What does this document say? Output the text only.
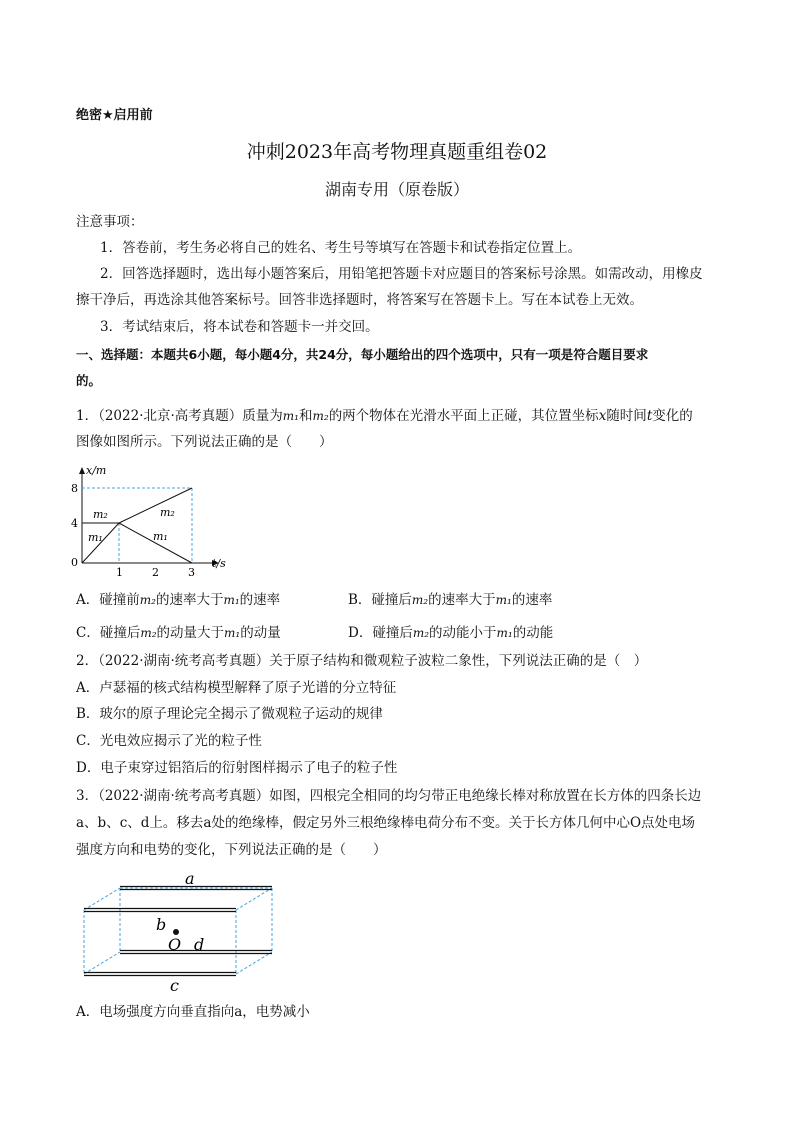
绝密★启用前
冲刺2023年高考物理真题重组卷02
湖南专用（原卷版）
注意事项：
1．答卷前，考生务必将自己的姓名、考生号等填写在答题卡和试卷指定位置上。
2．回答选择题时，选出每小题答案后，用铅笔把答题卡对应题目的答案标号涂黑。如需改动，用橡皮
擦干净后，再选涂其他答案标号。回答非选择题时，将答案写在答题卡上。写在本试卷上无效。
3．考试结束后，将本试卷和答题卡一并交回。
一、选择题：本题共6小题，每小题4分，共24分，每小题给出的四个选项中，只有一项是符合题目要求
的。
1．（2022·北京·高考真题）质量为m₁和m₂的两个物体在光滑水平面上正碰，其位置坐标x随时间t变化的
图像如图所示。下列说法正确的是（　　）
x/m
t/s
8
4
0
1	2	3
m₂
m₁
m₂
m₁
A．碰撞前m₂的速率大于m₁的速率	B．碰撞后m₂的速率大于m₁的速率
C．碰撞后m₂的动量大于m₁的动量	D．碰撞后m₂的动能小于m₁的动能
2．（2022·湖南·统考高考真题）关于原子结构和微观粒子波粒二象性，下列说法正确的是（　）
A．卢瑟福的核式结构模型解释了原子光谱的分立特征
B．玻尔的原子理论完全揭示了微观粒子运动的规律
C．光电效应揭示了光的粒子性
D．电子束穿过铝箔后的衍射图样揭示了电子的粒子性
3．（2022·湖南·统考高考真题）如图，四根完全相同的均匀带正电绝缘长棒对称放置在长方体的四条长边
a、b、c、d上。移去a处的绝缘棒，假定另外三根绝缘棒电荷分布不变。关于长方体几何中心O点处电场
强度方向和电势的变化，下列说法正确的是（　　）
a
b
O d
c
A．电场强度方向垂直指向a，电势减小
